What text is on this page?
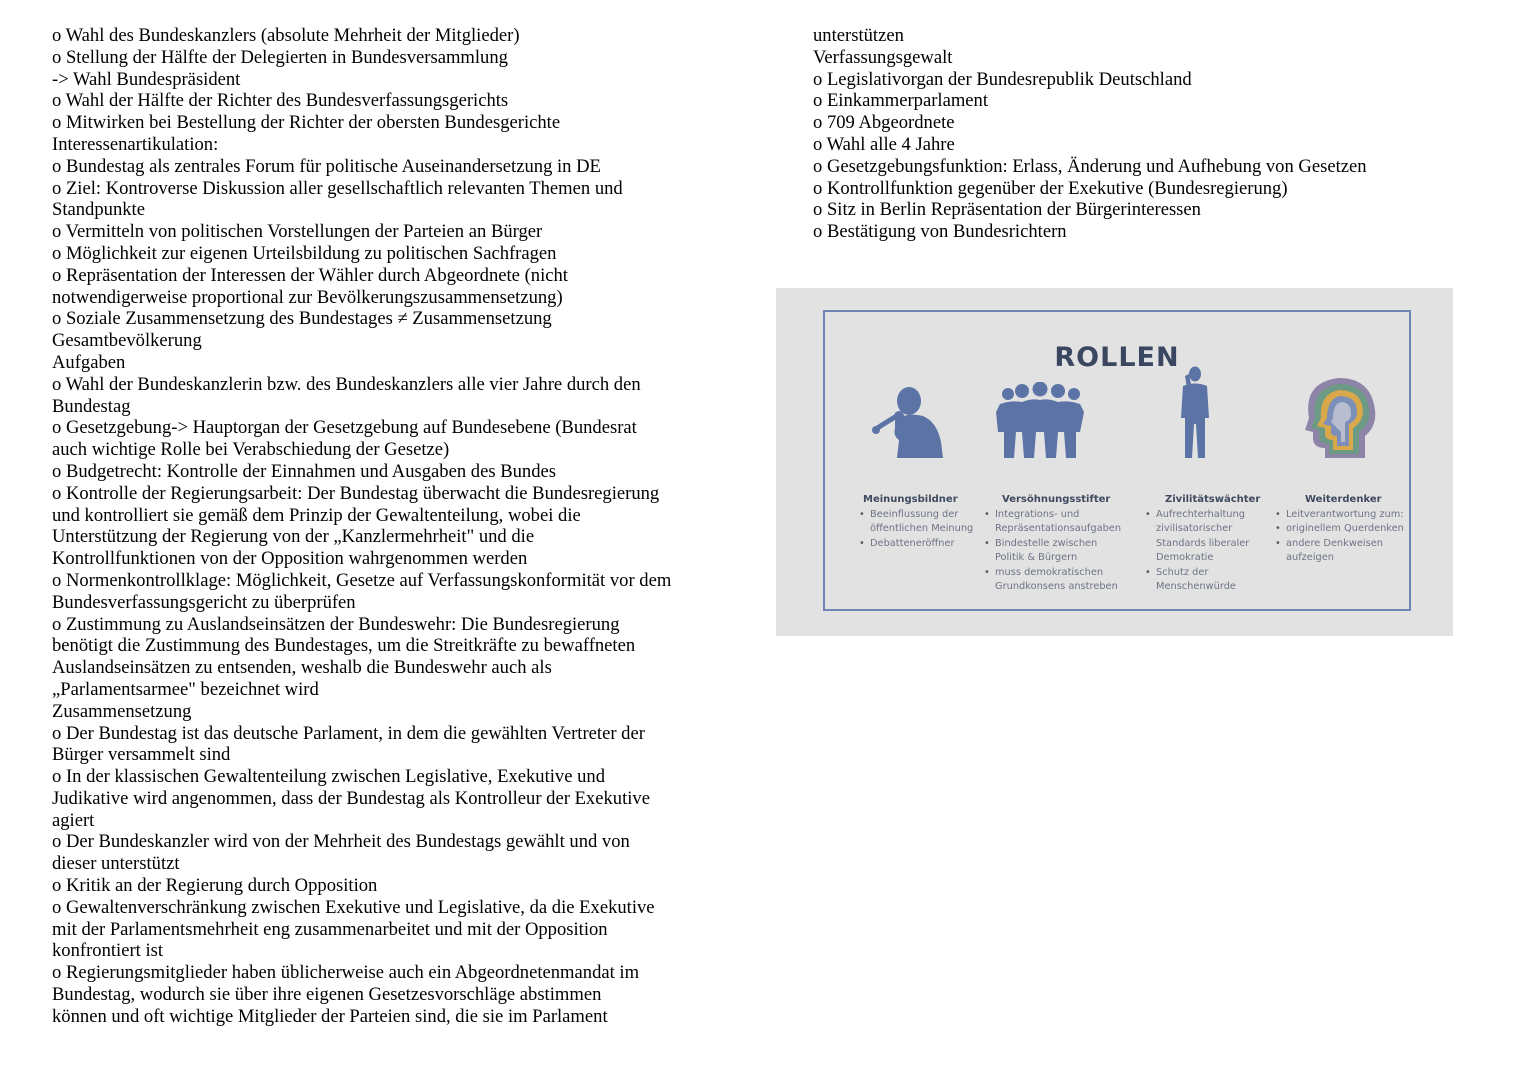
o Wahl des Bundeskanzlers (absolute Mehrheit der Mitglieder)
o Stellung der Hälfte der Delegierten in Bundesversammlung
-> Wahl Bundespräsident
o Wahl der Hälfte der Richter des Bundesverfassungsgerichts
o Mitwirken bei Bestellung der Richter der obersten Bundesgerichte
Interessenartikulation:
o Bundestag als zentrales Forum für politische Auseinandersetzung in DE
o Ziel: Kontroverse Diskussion aller gesellschaftlich relevanten Themen und
Standpunkte
o Vermitteln von politischen Vorstellungen der Parteien an Bürger
o Möglichkeit zur eigenen Urteilsbildung zu politischen Sachfragen
o Repräsentation der Interessen der Wähler durch Abgeordnete (nicht
notwendigerweise proportional zur Bevölkerungszusammensetzung)
o Soziale Zusammensetzung des Bundestages ≠ Zusammensetzung
Gesamtbevölkerung
Aufgaben
o Wahl der Bundeskanzlerin bzw. des Bundeskanzlers alle vier Jahre durch den
Bundestag
o Gesetzgebung-> Hauptorgan der Gesetzgebung auf Bundesebene (Bundesrat
auch wichtige Rolle bei Verabschiedung der Gesetze)
o Budgetrecht: Kontrolle der Einnahmen und Ausgaben des Bundes
o Kontrolle der Regierungsarbeit: Der Bundestag überwacht die Bundesregierung
und kontrolliert sie gemäß dem Prinzip der Gewaltenteilung, wobei die
Unterstützung der Regierung von der „Kanzlermehrheit" und die
Kontrollfunktionen von der Opposition wahrgenommen werden
o Normenkontrollklage: Möglichkeit, Gesetze auf Verfassungskonformität vor dem
Bundesverfassungsgericht zu überprüfen
o Zustimmung zu Auslandseinsätzen der Bundeswehr: Die Bundesregierung
benötigt die Zustimmung des Bundestages, um die Streitkräfte zu bewaffneten
Auslandseinsätzen zu entsenden, weshalb die Bundeswehr auch als
„Parlamentsarmee" bezeichnet wird
Zusammensetzung
o Der Bundestag ist das deutsche Parlament, in dem die gewählten Vertreter der
Bürger versammelt sind
o In der klassischen Gewaltenteilung zwischen Legislative, Exekutive und
Judikative wird angenommen, dass der Bundestag als Kontrolleur der Exekutive
agiert
o Der Bundeskanzler wird von der Mehrheit des Bundestags gewählt und von
dieser unterstützt
o Kritik an der Regierung durch Opposition
o Gewaltenverschränkung zwischen Exekutive und Legislative, da die Exekutive
mit der Parlamentsmehrheit eng zusammenarbeitet und mit der Opposition
konfrontiert ist
o Regierungsmitglieder haben üblicherweise auch ein Abgeordnetenmandat im
Bundestag, wodurch sie über ihre eigenen Gesetzesvorschläge abstimmen
können und oft wichtige Mitglieder der Parteien sind, die sie im Parlament
unterstützen
Verfassungsgewalt
o Legislativorgan der Bundesrepublik Deutschland
o Einkammerparlament
o 709 Abgeordnete
o Wahl alle 4 Jahre
o Gesetzgebungsfunktion: Erlass, Änderung und Aufhebung von Gesetzen
o Kontrollfunktion gegenüber der Exekutive (Bundesregierung)
o Sitz in Berlin Repräsentation der Bürgerinteressen
o Bestätigung von Bundesrichtern
ROLLEN
Meinungsbildner
• Beeinflussung der
öffentlichen Meinung
• Debatteneröffner
Versöhnungsstifter
• Integrations- und
Repräsentationsaufgaben
• Bindestelle zwischen
Politik & Bürgern
• muss demokratischen
Grundkonsens anstreben
Zivilitätswächter
• Aufrechterhaltung
zivilisatorischer
Standards liberaler
Demokratie
• Schutz der
Menschenwürde
Weiterdenker
• Leitverantwortung zum:
• originellem Querdenken
• andere Denkweisen
aufzeigen
